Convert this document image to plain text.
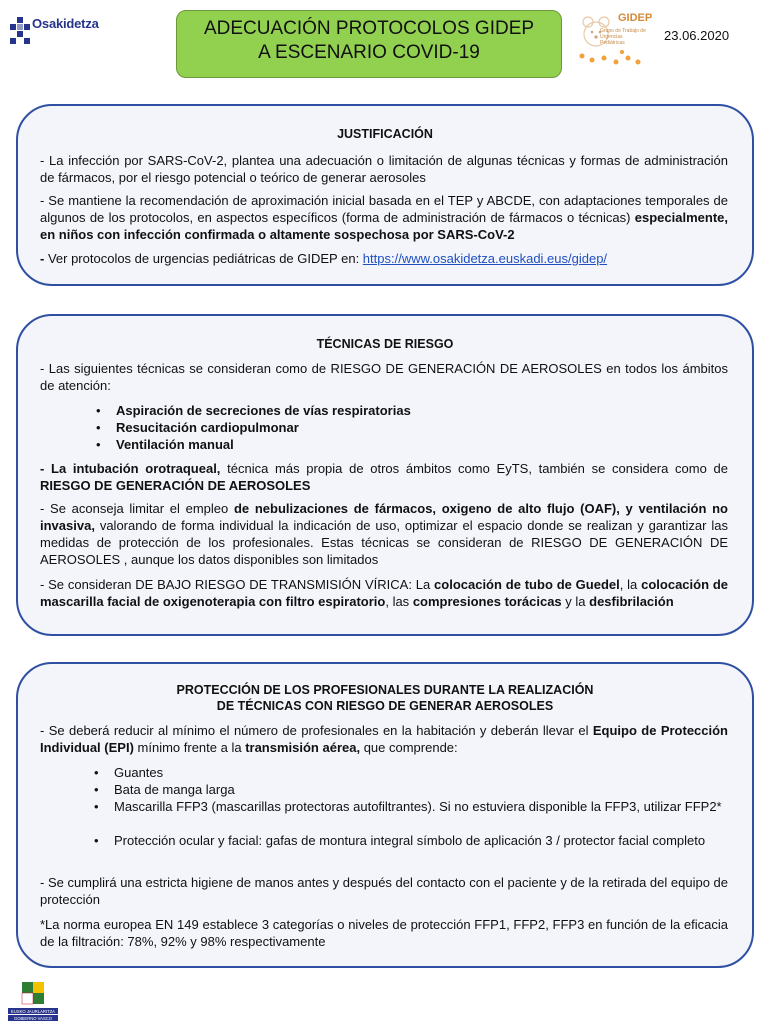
Osakidetza	ADECUACIÓN PROTOCOLOS GIDEP
A ESCENARIO COVID-19
GIDEP
Grupo de Trabajo de Urgencias Pediátricas	23.06.2020
JUSTIFICACIÓN
- La infección por SARS-CoV-2, plantea una adecuación o limitación de algunas técnicas y formas de administración de fármacos, por el riesgo potencial o teórico de generar aerosoles
- Se mantiene la recomendación de aproximación inicial basada en el TEP y ABCDE, con adaptaciones temporales de algunos de los protocolos, en aspectos específicos (forma de administración de fármacos o técnicas) especialmente, en niños con infección confirmada o altamente sospechosa por SARS-CoV-2
- Ver protocolos de urgencias pediátricas de GIDEP en: https://www.osakidetza.euskadi.eus/gidep/
TÉCNICAS DE RIESGO
- Las siguientes técnicas se consideran como de RIESGO DE GENERACIÓN DE AEROSOLES en todos los ámbitos de atención:
• Aspiración de secreciones de vías respiratorias
• Resucitación cardiopulmonar
• Ventilación manual
- La intubación orotraqueal, técnica más propia de otros ámbitos como EyTS, también se considera como de RIESGO DE GENERACIÓN DE AEROSOLES
- Se aconseja limitar el empleo de nebulizaciones de fármacos, oxigeno de alto flujo (OAF), y ventilación no invasiva, valorando de forma individual la indicación de uso, optimizar el espacio donde se realizan y garantizar las medidas de protección de los profesionales. Estas técnicas se consideran de RIESGO DE GENERACIÓN DE AEROSOLES , aunque los datos disponibles son limitados
- Se consideran DE BAJO RIESGO DE TRANSMISIÓN VÍRICA: La colocación de tubo de Guedel, la colocación de mascarilla facial de oxigenoterapia con filtro espiratorio, las compresiones torácicas y la desfibrilación
PROTECCIÓN DE LOS PROFESIONALES DURANTE LA REALIZACIÓN
DE TÉCNICAS CON RIESGO DE GENERAR AEROSOLES
- Se deberá reducir al mínimo el número de profesionales en la habitación y deberán llevar el Equipo de Protección Individual (EPI) mínimo frente a la transmisión aérea, que comprende:
• Guantes
• Bata de manga larga
• Mascarilla FFP3 (mascarillas protectoras autofiltrantes). Si no estuviera disponible la FFP3, utilizar FFP2*
• Protección ocular y facial: gafas de montura integral símbolo de aplicación 3 / protector facial completo
- Se cumplirá una estricta higiene de manos antes y después del contacto con el paciente y de la retirada del equipo de protección
*La norma europea EN 149 establece 3 categorías o niveles de protección FFP1, FFP2, FFP3 en función de la eficacia de la filtración: 78%, 92% y 98% respectivamente
EUSKO JAURLARITZA
GOBIERNO VASCO
